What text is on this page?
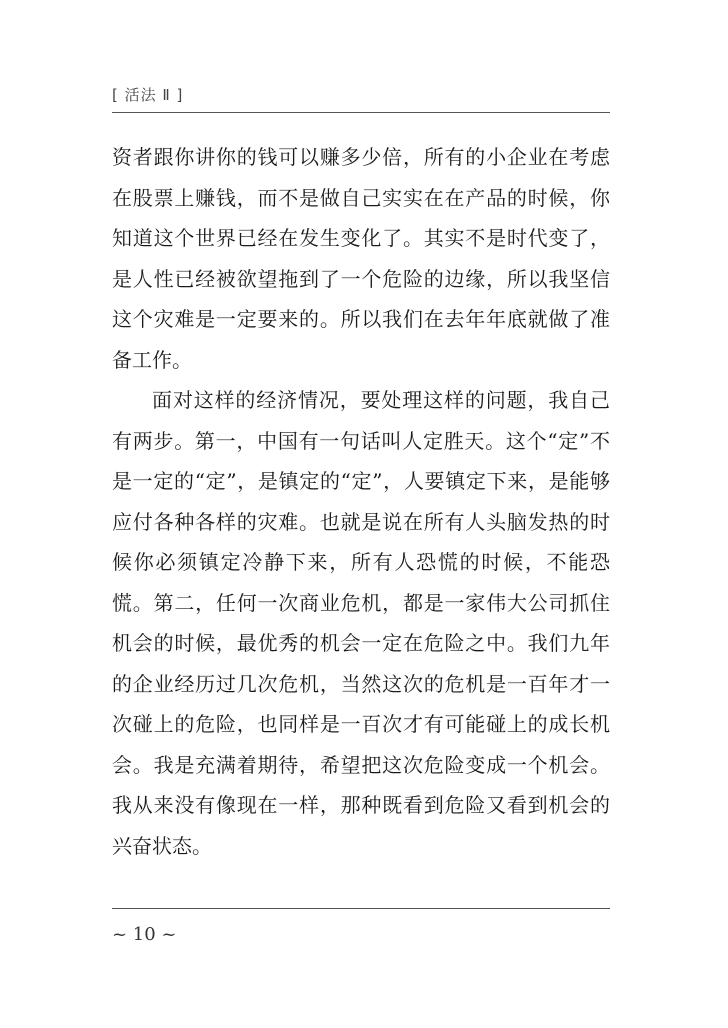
[ 活法 Ⅱ ]

资者跟你讲你的钱可以赚多少倍，所有的小企业在考虑在股票上赚钱，而不是做自己实实在在产品的时候，你知道这个世界已经在发生变化了。其实不是时代变了，是人性已经被欲望拖到了一个危险的边缘，所以我坚信这个灾难是一定要来的。所以我们在去年年底就做了准备工作。

面对这样的经济情况，要处理这样的问题，我自己有两步。第一，中国有一句话叫人定胜天。这个“定”不是一定的“定”，是镇定的“定”，人要镇定下来，是能够应付各种各样的灾难。也就是说在所有人头脑发热的时候你必须镇定冷静下来，所有人恐慌的时候，不能恐慌。第二，任何一次商业危机，都是一家伟大公司抓住机会的时候，最优秀的机会一定在危险之中。我们九年的企业经历过几次危机，当然这次的危机是一百年才一次碰上的危险，也同样是一百次才有可能碰上的成长机会。我是充满着期待，希望把这次危险变成一个机会。我从来没有像现在一样，那种既看到危险又看到机会的兴奋状态。

~ 10 ~
